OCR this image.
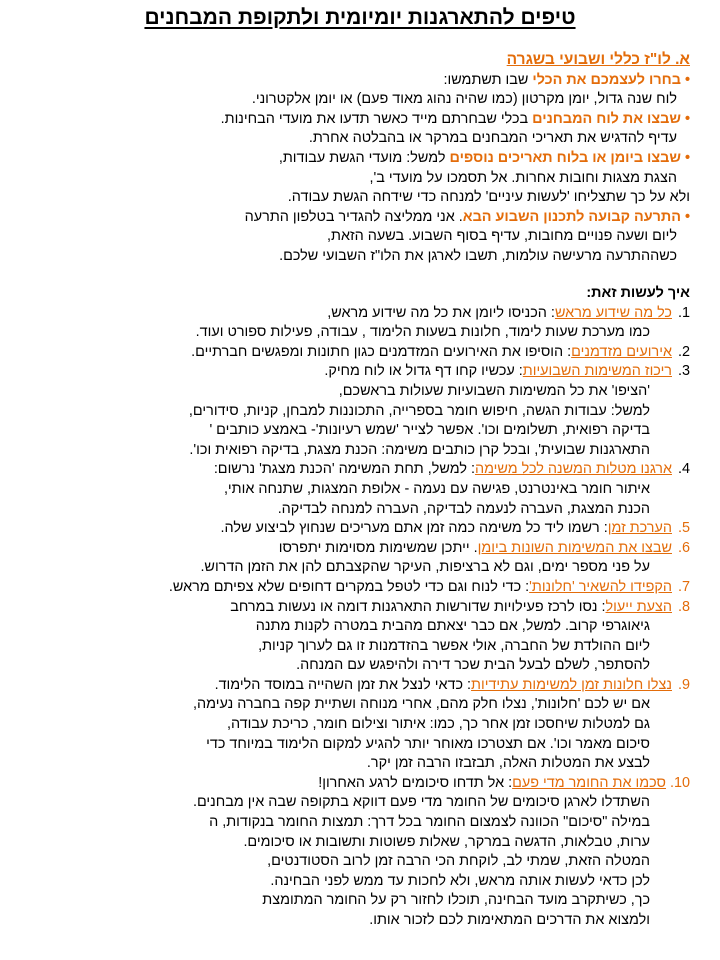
טיפים להתארגנות יומיומית ולתקופת המבחנים
א. לו"ז כללי ושבועי בשגרה
• בחרו לעצמכם את הכלי שבו תשתמשו:
לוח שנה גדול, יומן מקרטון (כמו שהיה נהוג מאוד פעם) או יומן אלקטרוני.
• שבצו את לוח המבחנים בכלי שבחרתם מייד כאשר תדעו את מועדי הבחינות.
עדיף להדגיש את תאריכי המבחנים במרקר או בהבלטה אחרת.
• שבצו ביומן או בלוח תאריכים נוספים למשל: מועדי הגשת עבודות,
הצגת מצגות וחובות אחרות. אל תסמכו על מועדי ב',
ולא על כך שתצליחו 'לעשות עיניים' למנחה כדי שידחה הגשת עבודה.
• התרעה קבועה לתכנון השבוע הבא. אני ממליצה להגדיר בטלפון התרעה
ליום ושעה פנויים מחובות, עדיף בסוף השבוע. בשעה הזאת,
כשההתרעה מרעישה עולמות, תשבו לארגן את הלו"ז השבועי שלכם.
איך לעשות זאת:
1. כל מה שידוע מראש: הכניסו ליומן את כל מה שידוע מראש,
כמו מערכת שעות לימוד, חלונות בשעות הלימוד , עבודה, פעילות ספורט ועוד.
2. אירועים מזדמנים: הוסיפו את האירועים המזדמנים כגון חתונות ומפגשים חברתיים.
3. ריכוז המשימות השבועיות: עכשיו קחו דף גדול או לוח מחיק.
'הציפו' את כל המשימות השבועיות שעולות בראשכם,
למשל: עבודות הגשה, חיפוש חומר בספרייה, התכוננות למבחן, קניות, סידורים,
בדיקה רפואית, תשלומים וכו'. אפשר לצייר 'שמש רעיונות'- באמצע כותבים '
התארגנות שבועית', ובכל קרן כותבים משימה: הכנת מצגת, בדיקה רפואית וכו'.
4. ארגנו מטלות המשנה לכל משימה: למשל, תחת המשימה 'הכנת מצגת' נרשום:
איתור חומר באינטרנט, פגישה עם נעמה - אלופת המצגות, שתנחה אותי,
הכנת המצגת, העברה לנעמה לבדיקה, העברה למנחה לבדיקה.
5. הערכת זמן: רשמו ליד כל משימה כמה זמן אתם מעריכים שנחוץ לביצוע שלה.
6. שבצו את המשימות השונות ביומן. ייתכן שמשימות מסוימות יתפרסו
על פני מספר ימים, וגם לא ברציפות, העיקר שהקצבתם להן את הזמן הדרוש.
7. הקפידו להשאיר 'חלונות': כדי לנוח וגם כדי לטפל במקרים דחופים שלא צפיתם מראש.
8. הצעת ייעול: נסו לרכז פעילויות שדורשות התארגנות דומה או נעשות במרחב
גיאוגרפי קרוב. למשל, אם כבר יצאתם מהבית במטרה לקנות מתנה
ליום ההולדת של החברה, אולי אפשר בהזדמנות זו גם לערוך קניות,
להסתפר, לשלם לבעל הבית שכר דירה ולהיפגש עם המנחה.
9. נצלו חלונות זמן למשימות עתידיות: כדאי לנצל את זמן השהייה במוסד הלימוד.
אם יש לכם 'חלונות', נצלו חלק מהם, אחרי מנוחה ושתיית קפה בחברה נעימה,
גם למטלות שיחסכו זמן אחר כך, כמו: איתור וצילום חומר, כריכת עבודה,
סיכום מאמר וכו'. אם תצטרכו מאוחר יותר להגיע למקום הלימוד במיוחד כדי
לבצע את המטלות האלה, תבזבזו הרבה זמן יקר.
10. סכמו את החומר מדי פעם: אל תדחו סיכומים לרגע האחרון!
השתדלו לארגן סיכומים של החומר מדי פעם דווקא בתקופה שבה אין מבחנים.
במילה "סיכום" הכוונה לצמצום החומר בכל דרך: תמצות החומר בנקודות, ה
ערות, טבלאות, הדגשה במרקר, שאלות פשוטות ותשובות או סיכומים.
המטלה הזאת, שמתי לב, לוקחת הכי הרבה זמן לרוב הסטודנטים,
לכן כדאי לעשות אותה מראש, ולא לחכות עד ממש לפני הבחינה.
כך, כשיתקרב מועד הבחינה, תוכלו לחזור רק על החומר המתומצת
ולמצוא את הדרכים המתאימות לכם לזכור אותו.
